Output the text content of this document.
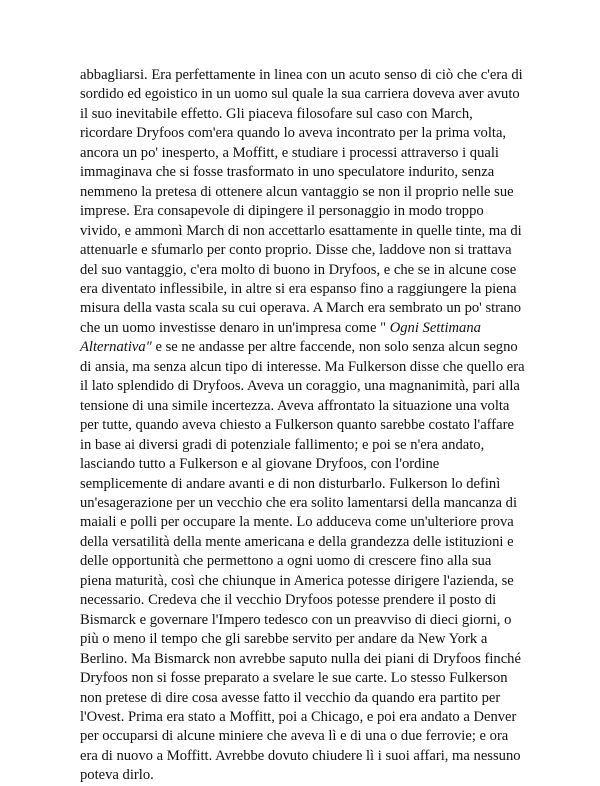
abbagliarsi. Era perfettamente in linea con un acuto senso di ciò che c'era di
sordido ed egoistico in un uomo sul quale la sua carriera doveva aver avuto
il suo inevitabile effetto. Gli piaceva filosofare sul caso con March,
ricordare Dryfoos com'era quando lo aveva incontrato per la prima volta,
ancora un po' inesperto, a Moffitt, e studiare i processi attraverso i quali
immaginava che si fosse trasformato in uno speculatore indurito, senza
nemmeno la pretesa di ottenere alcun vantaggio se non il proprio nelle sue
imprese. Era consapevole di dipingere il personaggio in modo troppo
vivido, e ammonì March di non accettarlo esattamente in quelle tinte, ma di
attenuarle e sfumarlo per conto proprio. Disse che, laddove non si trattava
del suo vantaggio, c'era molto di buono in Dryfoos, e che se in alcune cose
era diventato inflessibile, in altre si era espanso fino a raggiungere la piena
misura della vasta scala su cui operava. A March era sembrato un po' strano
che un uomo investisse denaro in un'impresa come " Ogni Settimana
Alternativa" e se ne andasse per altre faccende, non solo senza alcun segno
di ansia, ma senza alcun tipo di interesse. Ma Fulkerson disse che quello era
il lato splendido di Dryfoos. Aveva un coraggio, una magnanimità, pari alla
tensione di una simile incertezza. Aveva affrontato la situazione una volta
per tutte, quando aveva chiesto a Fulkerson quanto sarebbe costato l'affare
in base ai diversi gradi di potenziale fallimento; e poi se n'era andato,
lasciando tutto a Fulkerson e al giovane Dryfoos, con l'ordine
semplicemente di andare avanti e di non disturbarlo. Fulkerson lo definì
un'esagerazione per un vecchio che era solito lamentarsi della mancanza di
maiali e polli per occupare la mente. Lo adduceva come un'ulteriore prova
della versatilità della mente americana e della grandezza delle istituzioni e
delle opportunità che permettono a ogni uomo di crescere fino alla sua
piena maturità, così che chiunque in America potesse dirigere l'azienda, se
necessario. Credeva che il vecchio Dryfoos potesse prendere il posto di
Bismarck e governare l'Impero tedesco con un preavviso di dieci giorni, o
più o meno il tempo che gli sarebbe servito per andare da New York a
Berlino. Ma Bismarck non avrebbe saputo nulla dei piani di Dryfoos finché
Dryfoos non si fosse preparato a svelare le sue carte. Lo stesso Fulkerson
non pretese di dire cosa avesse fatto il vecchio da quando era partito per
l'Ovest. Prima era stato a Moffitt, poi a Chicago, e poi era andato a Denver
per occuparsi di alcune miniere che aveva lì e di una o due ferrovie; e ora
era di nuovo a Moffitt. Avrebbe dovuto chiudere lì i suoi affari, ma nessuno
poteva dirlo.
